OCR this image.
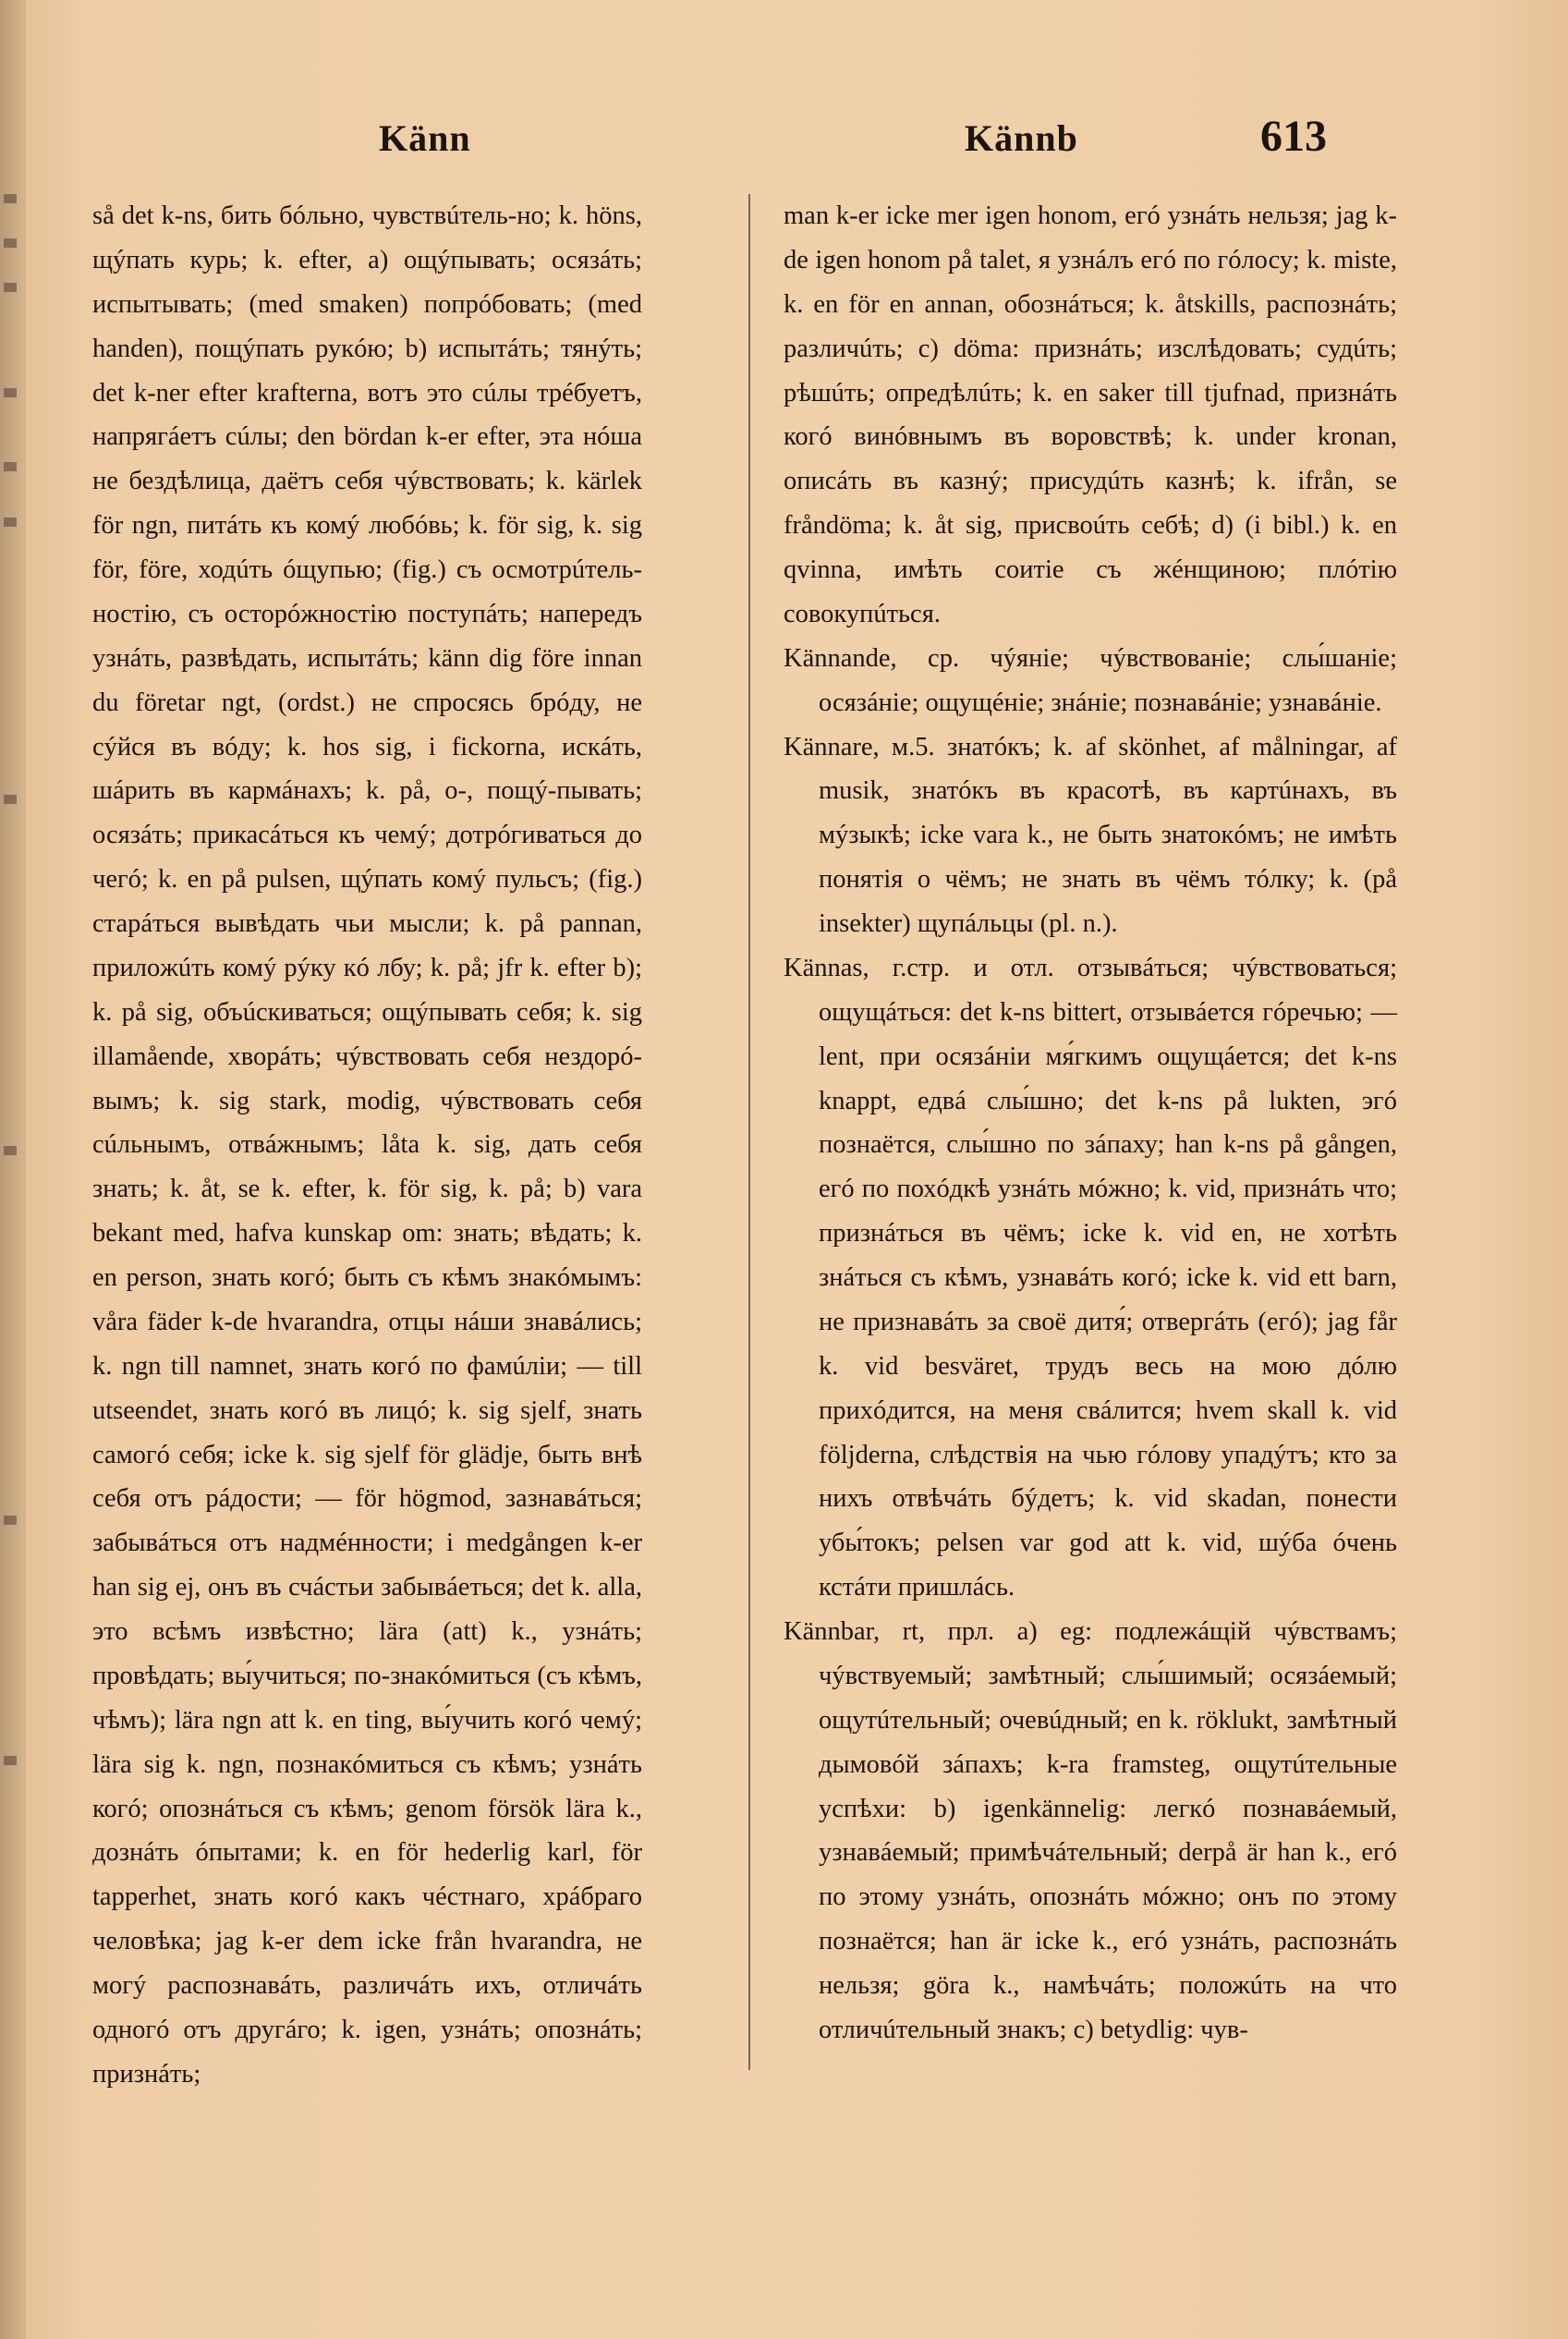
Känn	Kännb	613

så det k-ns, бить бóльно, чувствúтель-но; k. höns, щýпать курь; k. efter, a) ощýпывать; осязáть; испытывать; (med smaken) попрóбовать; (med handen), пощýпать рукóю; b) испытáть; тянýть; det k-ner efter krafterna, вотъ это сúлы трéбуетъ, напрягáетъ сúлы; den bördan k-er efter, эта нóша не бездѣлица, даётъ себя чýвствовать; k. kärlek för ngn, питáть къ комý любóвь; k. för sig, k. sig för, före, ходúть óщупью; (fig.) съ осмотрúтель-ностію, съ осторóжностію поступáть; напередъ узнáть, развѣдать, испытáть; känn dig före innan du företar ngt, (ordst.) не спросясь брóду, не сýйся въ вóду; k. hos sig, i fickorna, искáть, шáрить въ кармáнахъ; k. på, o-, пощý-пывать; осязáть; прикасáться къ чемý; дотрóгиваться до чегó; k. en på pulsen, щýпать комý пульсъ; (fig.) старáться вывѣдать чьи мысли; k. på pannan, прилoжúть комý рýку кó лбу; k. på; jfr k. efter b); k. på sig, объúскиваться; ощýпывать себя; k. sig illamående, хворáть; чýвствовать себя нездорó-вымъ; k. sig stark, modig, чýвствовать себя сúльнымъ, отвáжнымъ; låta k. sig, дать себя знать; k. åt, se k. efter, k. för sig, k. på; b) vara bekant med, hafva kunskap om: знать; вѣдать; k. en person, знать когó; быть съ кѣмъ знакóмымъ: våra fäder k-de hvarandra, отцы нáши знавáлись; k. ngn till namnet, знать когó по фамúліи; — till utseendet, знать когó въ лицó; k. sig sjelf, знать самогó себя; icke k. sig sjelf för glädje, быть внѣ себя отъ рáдости; — för högmod, зазнавáться; забывáться отъ надмéнности; i medgången k-er han sig ej, онъ въ счáстьи забывáеться; det k. alla, это всѣмъ извѣстно; lära (att) k., узнáть; провѣдать; вы́учиться; по-знакóмиться (съ кѣмъ, чѣмъ); lära ngn att k. en ting, вы́учить когó чемý; lära sig k. ngn, познакóмиться съ кѣмъ; узнáть когó; опознáться съ кѣмъ; genom försök lära k., дознáть óпытами; k. en för hederlig karl, för tapperhet, знать когó какъ чéстнаго, хрáбраго человѣка; jag k-er dem icke från hvarandra, не могý распознавáть, различáть ихъ, отличáть однoгó отъ другáго; k. igen, узнáть; опознáть; признáть;

man k-er icke mer igen honom, егó узнáть нельзя; jag k-de igen honom på talet, я узнáлъ егó по гóлосу; k. miste, k. en för en annan, обознáться; k. åtskills, распознáть; различúть; c) döma: признáть; изслѣдовать; судúть; рѣшúть; опредѣлúть; k. en saker till tjufnad, признáть когó винóвнымъ въ воровствѣ; k. under kronan, описáть въ казнý; присудúть казнѣ; k. ifrån, se fråndöma; k. åt sig, присвоúть себѣ; d) (i bibl.) k. en qvinna, имѣть соитіе съ жéнщиною; плóтію совокупúться.

Kännande, ср. чýяніе; чýвствованіе; слы́шаніе; осязáніе; ощущéніе; знáніе; познавáніе; узнавáніе.

Kännare, м.5. знатóкъ; k. af skönhet, af målningar, af musik, знатóкъ въ красотѣ, въ картúнахъ, въ мýзыкѣ; icke vara k., не быть знатокóмъ; не имѣть понятія о чёмъ; не знать въ чёмъ тóлку; k. (på insekter) щупáльцы (pl. n.).

Kännas, г.стр. и отл. отзывáться; чýвствоваться; ощущáться: det k-ns bittert, отзывáется гóречью; — lent, при осязáніи мя́гкимъ ощущáется; det k-ns knappt, едвá слы́шно; det k-ns på lukten, эгó познаётся, слы́шно по зáпаху; han k-ns på gången, егó по похóдкѣ узнáть мóжно; k. vid, признáть что; признáться въ чёмъ; icke k. vid en, не хотѣть знáться съ кѣмъ, узнавáть когó; icke k. vid ett barn, не признавáть за своё дитя́; отвергáть (егó); jag får k. vid besväret, трудъ весь на мою дóлю приxóдится, на меня свáлится; hvem skall k. vid följderna, слѣдствія на чью гóлову упадýтъ; кто за нихъ отвѣчáть бýдетъ; k. vid skadan, понести убы́токъ; pelsen var god att k. vid, шýба óчень кстáти пришлáсь.

Kännbar, rt, прл. a) eg: подлежáщій чýвствамъ; чýвствуемый; замѣтный; слы́шимый; осязáемый; ощутúтельный; очевúдный; en k. röklukt, замѣтный дымовóй зáпахъ; k-ra framsteg, ощутúтельные успѣхи: b) igenkännelig: легкó познавáемый, узнавáемый; примѣчáтельный; derpå är han k., егó по этому узнáть, опознáть мóжно; онъ по этому познаётся; han är icke k., егó узнáть, распознáть нельзя; göra k., намѣчáть; положúть на что отличúтельный знакъ; c) betydlig: чув-
